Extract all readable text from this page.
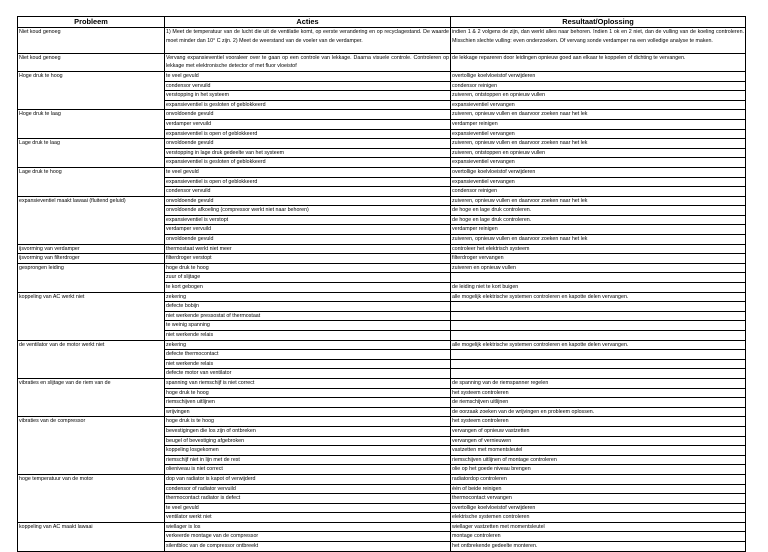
Probleem	Acties	Resultaat/Oplossing
Niet koud genoeg	1) Meet de temperatuur van de lucht die uit de ventilatie komt, op eerste verandering en op recyclagestand. De waarde moet minder dan 10° C zijn. 2) Meet de weerstand van de voeler van de verdamper.	indien 1 & 2 volgens de zijn, dan werkt alles naar behoren. Indien 1 ok en 2 niet, dan de vulling van de koeling controleren. Misschien slechte vulling: even onderzoeken. Of vervang sonde verdamper na een volledige analyse te maken.
Niet koud genoeg	Vervang expansieventiel vooraleer over te gaan op een controle van lekkage. Daarna visuele controle. Controleren op lekkage met elektronische detector of met fluor vloeistof	de lekkage repareren door leidingen opnieuw goed aan elkaar te koppelen of dichting te vervangen.
Hoge druk te hoog	te veel gevuld	overtollige koelvloeistof verwijderen
	condensor vervuild	condensor reinigen
	verstopping in het systeem	zuiveren, ontstoppen en opnieuw vullen
	expansieventiel is gesloten of geblokkeerd	expansieventiel vervangen
Hoge druk te laag	onvoldoende gevuld	zuiveren, opnieuw vullen en daarvoor zoeken naar het lek
	verdamper vervuild	verdamper reinigen
	expansieventiel is open of geblokkeerd	expansieventiel vervangen
Lage druk te laag	onvoldoende gevuld	zuiveren, opnieuw vullen en daarvoor zoeken naar het lek
	verstopping in lage druk gedeelte van het systeem	zuiveren, ontstoppen en opnieuw vullen
	expansieventiel is gesloten of geblokkeerd	expansieventiel vervangen
Lage druk te hoog	te veel gevuld	overtollige koelvloeistof verwijderen
	expansieventiel is open of geblokkeerd	expansieventiel vervangen
	condensor vervuild	condensor reinigen
expansieventiel maakt lawaai (fluitend geluid)	onvoldoende gevuld	zuiveren, opnieuw vullen en daarvoor zoeken naar het lek
	onvoldoende afkoeling (compressor werkt niet naar behoren)	de hoge en lage druk controleren.
	expansieventiel is verstopt	de hoge en lage druk controleren.
	verdamper vervuild	verdamper reinigen
	onvoldoende gevuld	zuiveren, opnieuw vullen en daarvoor zoeken naar het lek
ijsvorming van verdamper	thermostaat werkt niet meer	controleer het elektrisch systeem
ijsvorming van filterdroger	filterdroger verstopt	filterdroger vervangen
gesprongen leiding	hoge druk te hoog	zuiveren en opnieuw vullen
	zuur of slijtage	
	te kort gebogen	de leiding niet te kort buigen
koppeling van AC werkt niet	zekering	alle mogelijk elektrische systemen controleren en kapotte delen vervangen.
	defecte bobijn	
	niet werkende pressostat of thermostaat	
	te weinig spanning	
	niet werkende relais	
de ventilator van de motor werkt niet	zekering	alle mogelijk elektrische systemen controleren en kapotte delen vervangen.
	defecte thermocontact	
	niet werkende relais	
	defecte motor van ventilator	
vibraties en slijtage van de riem van de	spanning van riemschijf is niet correct	de spanning van de riemspanner regelen
	hoge druk te hoog	het systeem controleren
	riemschijven uitlijnen	de riemschijven uitlijnen
	wrijvingen	de oorzaak zoeken van de wrijvingen en probleem oplossen.
vibraties van de compressor	hoge druk is te hoog	het systeem controleren
	bevestigingen die los zijn of ontbreken	vervangen of opnieuw vastzetten
	beugel of bevestiging afgebroken	vervangen of vernieuwen
	koppeling losgekomen	vastzetten met momentsleutel
	riemschijf niet in lijn met de rest	riemschijven uitlijnen of montage controleren
	olieniveau is niet correct	olie op het goede niveau brengen
hoge temperatuur van de motor	dop van radiator is kapot of verwijderd	radiatordop controleren
	condensor of radiator vervuild	één of beide reinigen
	thermocontact radiator is defect	thermocontact vervangen
	te veel gevuld	overtollige koelvloeistof verwijderen
	ventilator werkt niet	elektrische systemen controleren
koppeling van AC maakt lawaai	wiellager is los	wiellager vastzetten met momentsleutel
	verkeerde montage van de compressor	montage controleren
	silentbloc van de compressor ontbreekt	het ontbrekende gedeelte monteren.
